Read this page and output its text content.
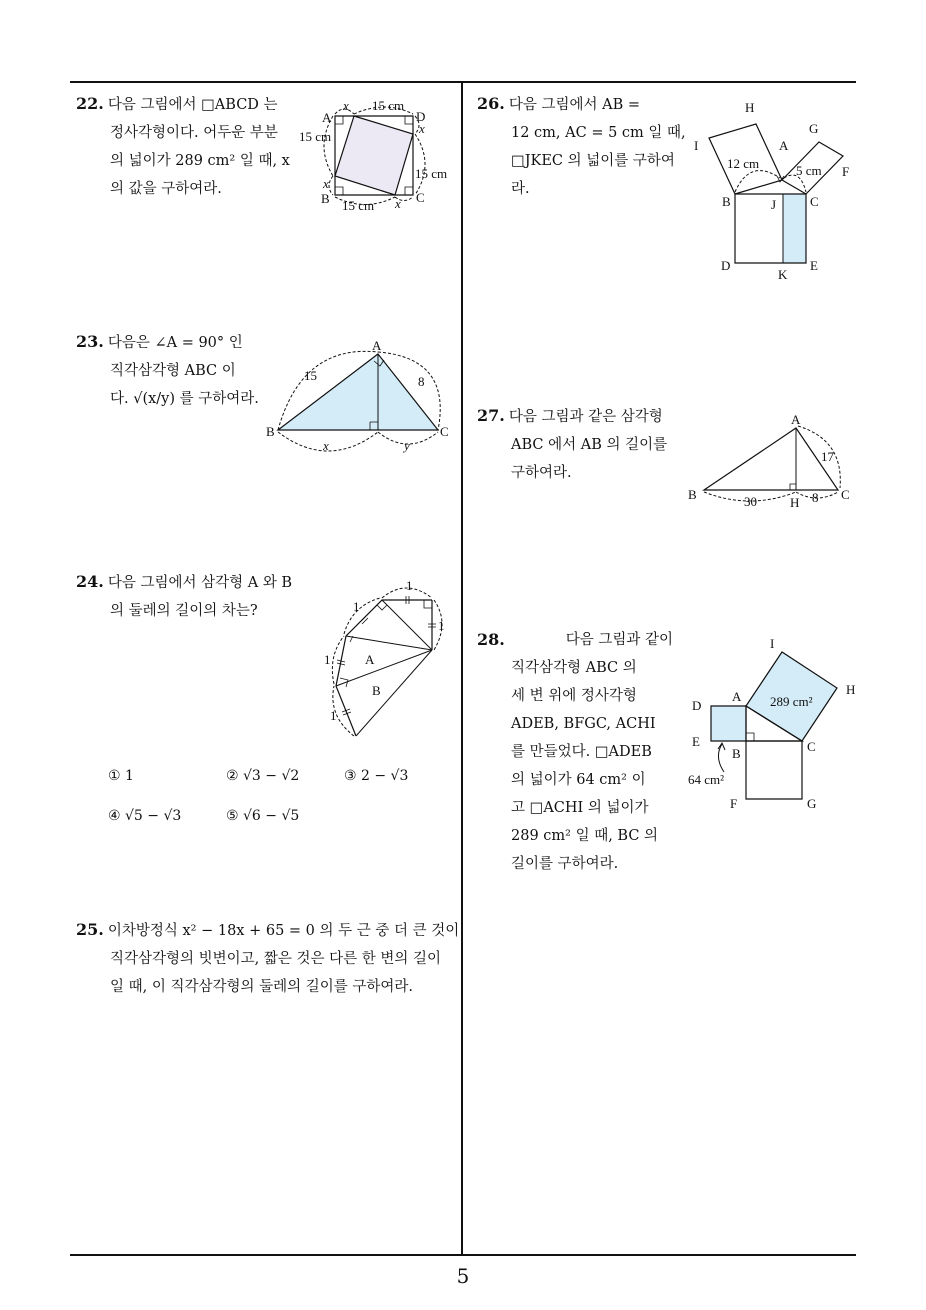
5
22. 다음 그림에서 □ABCD 는
정사각형이다. 어두운 부분
의 넓이가 289 cm² 일 때, x
의 값을 구하여라.
A	D
B	C
x 15 cm
x
15 cm
15 cm
x
15 cm x
23. 다음은 ∠A = 90° 인
직각삼각형 ABC 이
다. √(x/y) 를 구하여라.
A
B	C
15	8
x	y
24. 다음 그림에서 삼각형 A 와 B
의 둘레의 길이의 차는?
1
1
1
1
1
A
B
① 1	② √3 − √2	③ 2 − √3
④ √5 − √3	⑤ √6 − √5
25. 이차방정식 x² − 18x + 65 = 0 의 두 근 중 더 큰 것이
직각삼각형의 빗변이고, 짧은 것은 다른 한 변의 길이
일 때, 이 직각삼각형의 둘레의 길이를 구하여라.
26. 다음 그림에서 AB =
12 cm, AC = 5 cm 일 때,
□JKEC 의 넓이를 구하여
라.
H
I	A
G
F
B	J	C
D
K
E
12 cm	5 cm
27. 다음 그림과 같은 삼각형
ABC 에서 AB 의 길이를
구하여라.
A
B	C
H
17
30	8
28.	다음 그림과 같이
직각삼각형 ABC 의
세 변 위에 정사각형
ADEB, BFGC, ACHI
를 만들었다. □ADEB
의 넓이가 64 cm² 이
고 □ACHI 의 넓이가
289 cm² 일 때, BC 의
길이를 구하여라.
I
H
D
A
E
B	C
F	G
289 cm²
64 cm²
